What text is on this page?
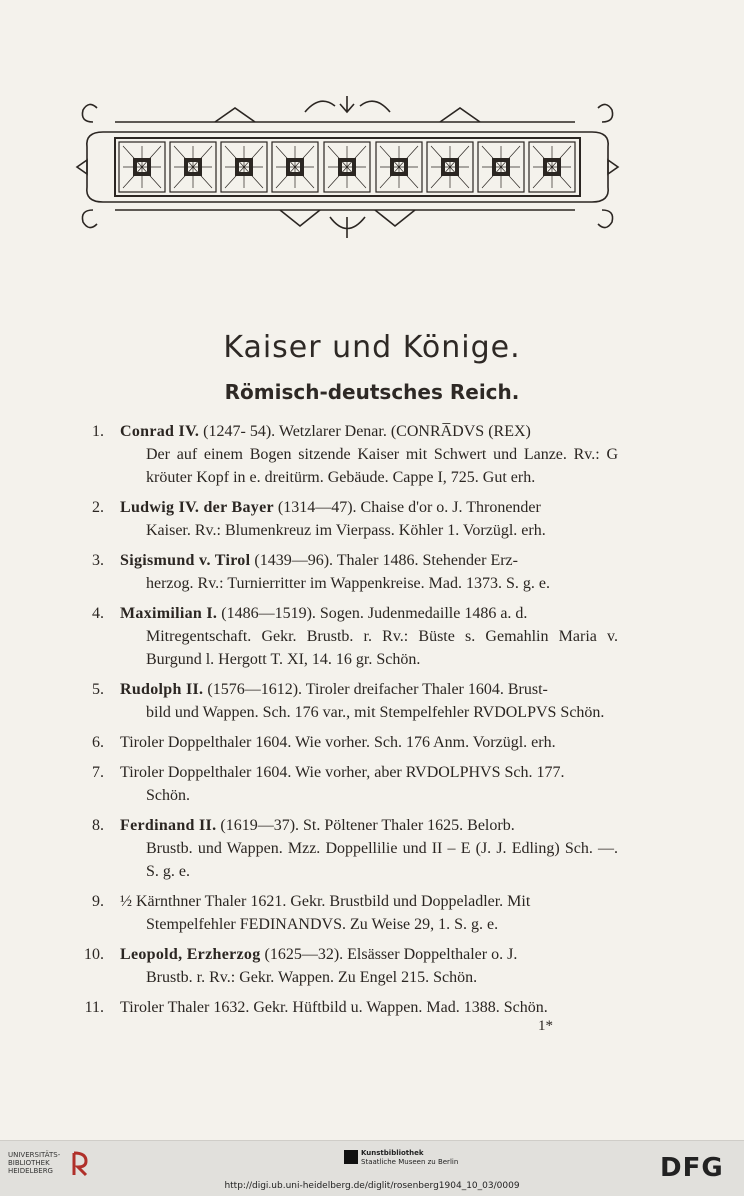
Kaiser und Könige.
Römisch-deutsches Reich.
1. Conrad IV. (1247- 54). Wetzlarer Denar. (CONRA̅DVS (REX)
Der auf einem Bogen sitzende Kaiser mit Schwert und Lanze. Rv.: G kröuter Kopf in e. dreitürm. Gebäude. Cappe I, 725. Gut erh.
2. Ludwig IV. der Bayer (1314—47). Chaise d'or o. J. Thronender
Kaiser. Rv.: Blumenkreuz im Vierpass. Köhler 1. Vorzügl. erh.
3. Sigismund v. Tirol (1439—96). Thaler 1486. Stehender Erz-
herzog. Rv.: Turnierritter im Wappenkreise. Mad. 1373. S. g. e.
4. Maximilian I. (1486—1519). Sogen. Judenmedaille 1486 a. d.
Mitregentschaft. Gekr. Brustb. r. Rv.: Büste s. Gemahlin Maria v. Burgund l. Hergott T. XI, 14. 16 gr. Schön.
5. Rudolph II. (1576—1612). Tiroler dreifacher Thaler 1604. Brust-
bild und Wappen. Sch. 176 var., mit Stempelfehler RVDOLPVS Schön.
6. Tiroler Doppelthaler 1604. Wie vorher. Sch. 176 Anm. Vorzügl. erh.
7. Tiroler Doppelthaler 1604. Wie vorher, aber RVDOLPHVS Sch. 177.
Schön.
8. Ferdinand II. (1619—37). St. Pöltener Thaler 1625. Belorb.
Brustb. und Wappen. Mzz. Doppellilie und II – E (J. J. Edling) Sch. —. S. g. e.
9. ½ Kärnthner Thaler 1621. Gekr. Brustbild und Doppeladler. Mit
Stempelfehler FEDINANDVS. Zu Weise 29, 1. S. g. e.
10. Leopold, Erzherzog (1625—32). Elsässer Doppelthaler o. J.
Brustb. r. Rv.: Gekr. Wappen. Zu Engel 215. Schön.
11. Tiroler Thaler 1632. Gekr. Hüftbild u. Wappen. Mad. 1388. Schön.
1*
UNIVERSITÄTS-
BIBLIOTHEK
HEIDELBERG
Kunstbibliothek
Staatliche Museen zu Berlin
http://digi.ub.uni-heidelberg.de/diglit/rosenberg1904_10_03/0009
DFG
